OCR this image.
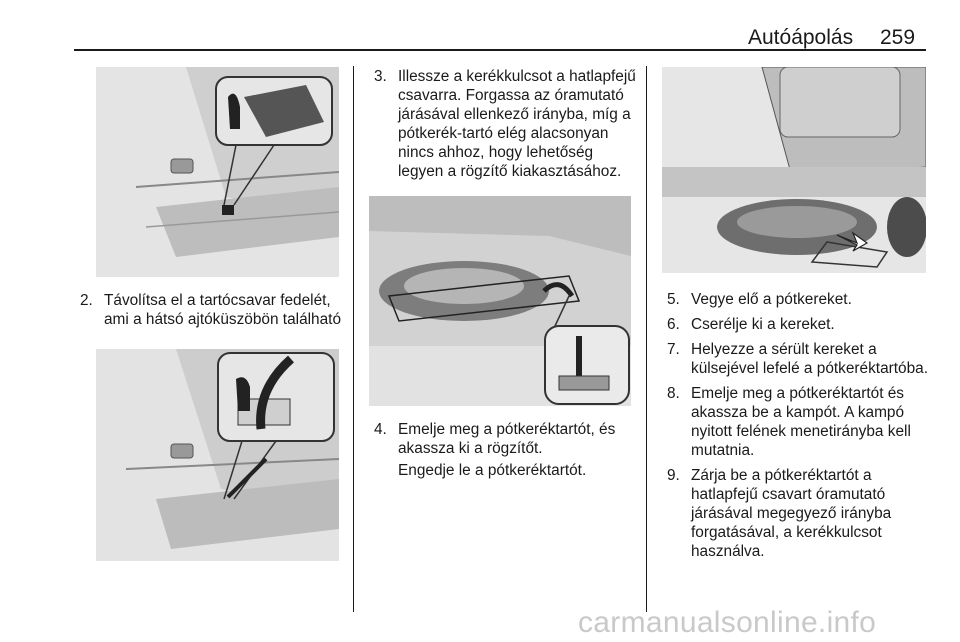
Autóápolás 259
2. Távolítsa el a tartócsavar fedelét, ami a hátsó ajtóküszöbön található
3. Illessze a kerékkulcsot a hatlapfejű csavarra. Forgassa az óramutató járásával ellenkező irányba, míg a pótkerék-tartó elég alacsonyan nincs ahhoz, hogy lehetőség legyen a rögzítő kiakasztásához.
4. Emelje meg a pótkeréktartót, és akassza ki a rögzítőt.
Engedje le a pótkeréktartót.
5. Vegye elő a pótkereket.
6. Cserélje ki a kereket.
7. Helyezze a sérült kereket a külsejével lefelé a pótkeréktartóba.
8. Emelje meg a pótkeréktartót és akassza be a kampót. A kampó nyitott felének menetirányba kell mutatnia.
9. Zárja be a pótkeréktartót a hatlapfejű csavart óramutató járásával megegyező irányba forgatásával, a kerékkulcsot használva.
carmanualsonline.info
